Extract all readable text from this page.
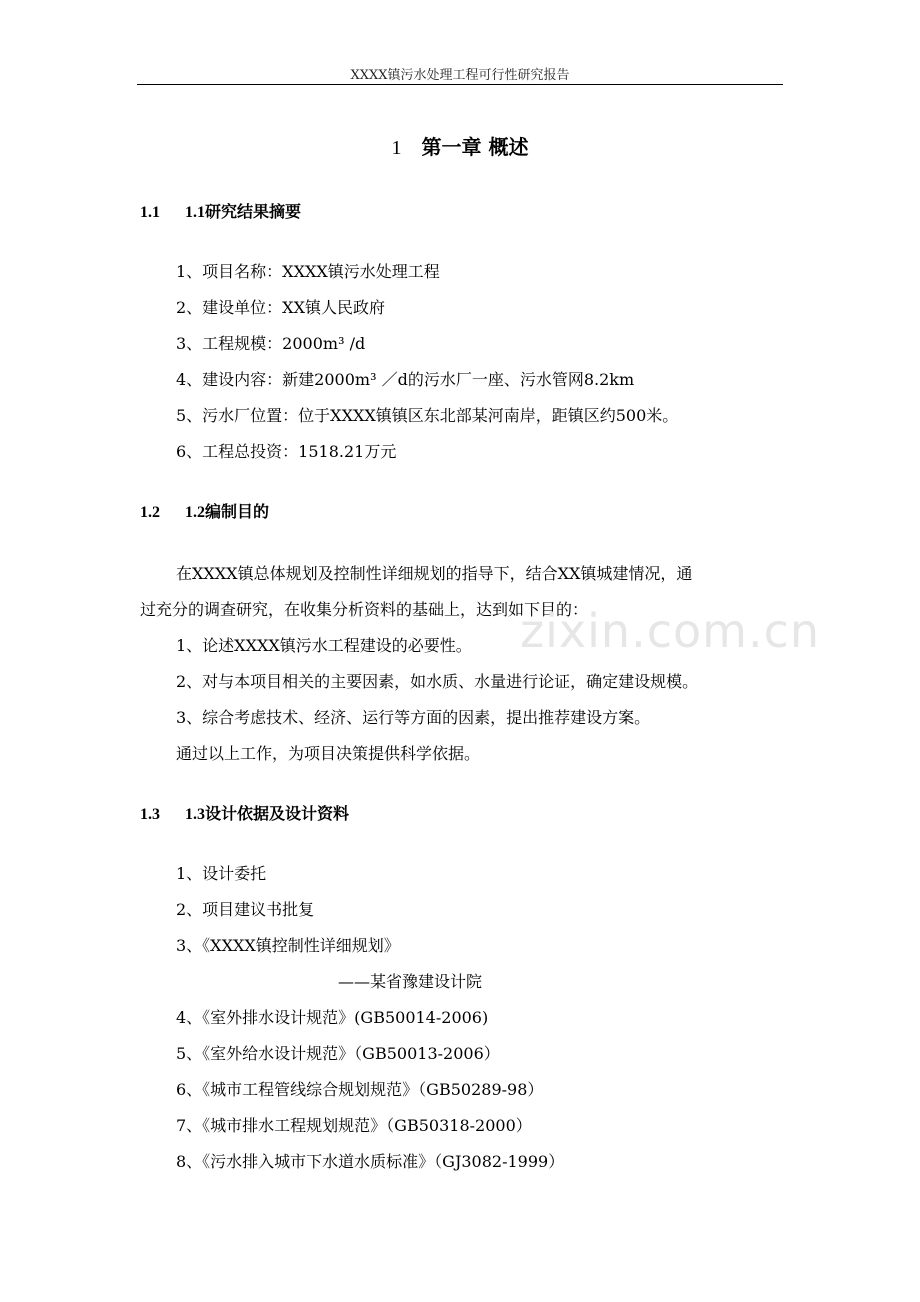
XXXX镇污水处理工程可行性研究报告
1 第一章 概述
1.1 1.1研究结果摘要
1、项目名称：XXXX镇污水处理工程
2、建设单位：XX镇人民政府
3、工程规模：2000m³ /d
4、建设内容：新建2000m³ ／d的污水厂一座、污水管网8.2km
5、污水厂位置：位于XXXX镇镇区东北部某河南岸，距镇区约500米。
6、工程总投资：1518.21万元
1.2 1.2编制目的
在XXXX镇总体规划及控制性详细规划的指导下，结合XX镇城建情况，通
过充分的调查研究，在收集分析资料的基础上，达到如下目的：
1、论述XXXX镇污水工程建设的必要性。
2、对与本项目相关的主要因素，如水质、水量进行论证，确定建设规模。
3、综合考虑技术、经济、运行等方面的因素，提出推荐建设方案。
通过以上工作，为项目决策提供科学依据。
1.3 1.3设计依据及设计资料
1、设计委托
2、项目建议书批复
3、《XXXX镇控制性详细规划》
——某省豫建设计院
4、《室外排水设计规范》(GB50014-2006)
5、《室外给水设计规范》（GB50013-2006）
6、《城市工程管线综合规划规范》（GB50289-98）
7、《城市排水工程规划规范》（GB50318-2000）
8、《污水排入城市下水道水质标准》（GJ3082-1999）
zixin.com.cn
